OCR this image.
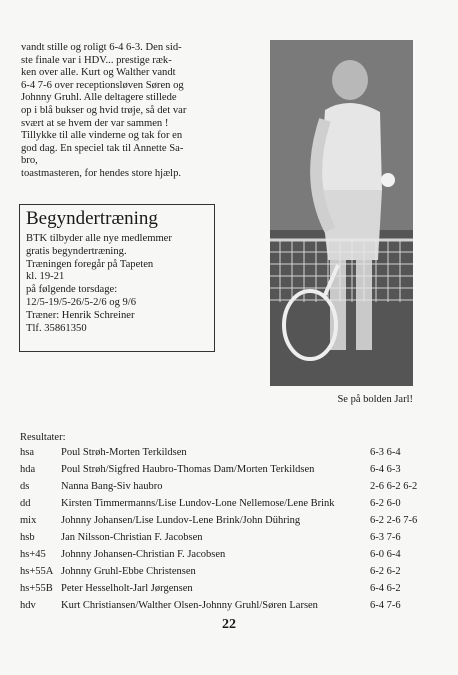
vandt stille og roligt 6-4 6-3. Den sid-
ste finale var i HDV... prestige ræk-
ken over alle. Kurt og Walther vandt
6-4 7-6 over receptionsløven Søren og
Johnny Gruhl. Alle deltagere stillede
op i blå bukser og hvid trøje, så det var
svært at se hvem der var sammen !
Tillykke til alle vinderne og tak for en
god dag. En speciel tak til Annette Sa-
bro,
toastmasteren, for hendes store hjælp.
Se på bolden Jarl!
Begyndertræning
BTK tilbyder alle nye medlemmer
gratis begyndertræning.
Træningen foregår på Tapeten
kl. 19-21
på følgende torsdage:
12/5-19/5-26/5-2/6 og 9/6
Træner: Henrik Schreiner
Tlf. 35861350
Resultater:
hsa	Poul Strøh-Morten Terkildsen	6-3 6-4
hda Poul Strøh/Sigfred Haubro-Thomas Dam/Morten Terkildsen	6-4 6-3
ds	Nanna Bang-Siv haubro	2-6 6-2 6-2
dd	Kirsten Timmermanns/Lise Lundov-Lone Nellemose/Lene Brink	6-2 6-0
mix Johnny Johansen/Lise Lundov-Lene Brink/John Dühring	6-2 2-6 7-6
hsb	Jan Nilsson-Christian F. Jacobsen	6-3 7-6
hs+45 Johnny Johansen-Christian F. Jacobsen	6-0 6-4
hs+55A Johnny Gruhl-Ebbe Christensen	6-2 6-2
hs+55B Peter Hesselholt-Jarl Jørgensen	6-4 6-2
hdv Kurt Christiansen/Walther Olsen-Johnny Gruhl/Søren Larsen	6-4 7-6
22
